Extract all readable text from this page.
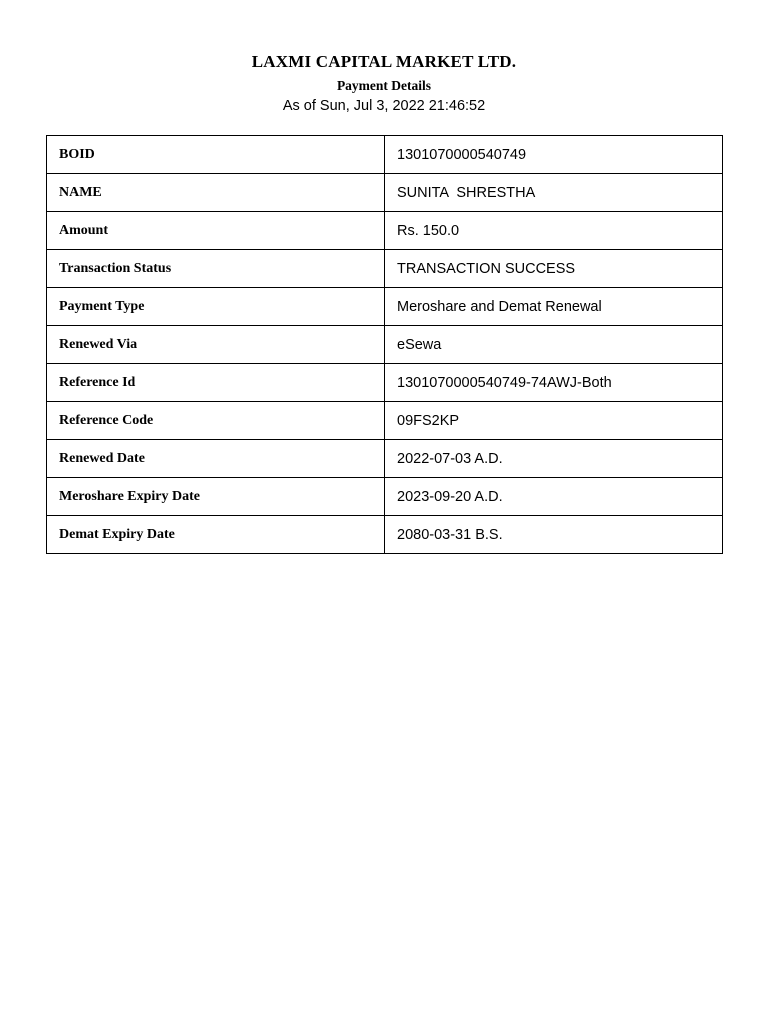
LAXMI CAPITAL MARKET LTD.
Payment Details
As of Sun, Jul 3, 2022 21:46:52
BOID	1301070000540749
NAME	SUNITA  SHRESTHA
Amount	Rs. 150.0
Transaction Status	TRANSACTION SUCCESS
Payment Type	Meroshare and Demat Renewal
Renewed Via	eSewa
Reference Id	1301070000540749-74AWJ-Both
Reference Code	09FS2KP
Renewed Date	2022-07-03 A.D.
Meroshare Expiry Date	2023-09-20 A.D.
Demat Expiry Date	2080-03-31 B.S.
